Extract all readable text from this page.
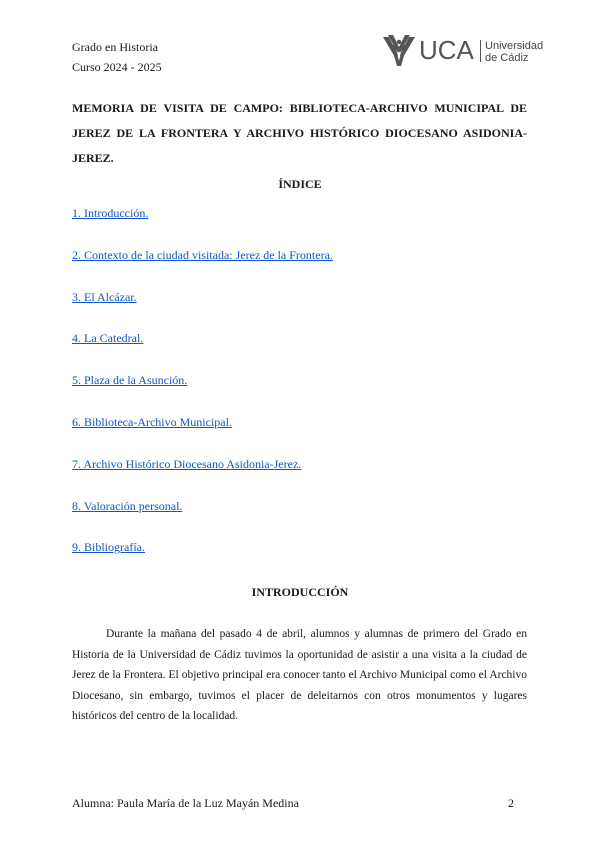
Grado en Historia
Curso 2024 - 2025
UCA Universidad
de Cádiz
MEMORIA DE VISITA DE CAMPO: BIBLIOTECA-ARCHIVO MUNICIPAL DE JEREZ DE LA FRONTERA Y ARCHIVO HISTÓRICO DIOCESANO ASIDONIA-JEREZ.
ÍNDICE
1. Introducción.
2. Contexto de la ciudad visitada: Jerez de la Frontera.
3. El Alcázar.
4. La Catedral.
5. Plaza de la Asunción.
6. Biblioteca-Archivo Municipal.
7. Archivo Histórico Diocesano Asidonia-Jerez.
8. Valoración personal.
9. Bibliografía.
INTRODUCCIÓN

Durante la mañana del pasado 4 de abril, alumnos y alumnas de primero del Grado en Historia de la Universidad de Cádiz tuvimos la oportunidad de asistir a una visita a la ciudad de Jerez de la Frontera. El objetivo principal era conocer tanto el Archivo Municipal como el Archivo Diocesano, sin embargo, tuvimos el placer de deleitarnos con otros monumentos y lugares históricos del centro de la localidad.

Alumna: Paula María de la Luz Mayán Medina	2
